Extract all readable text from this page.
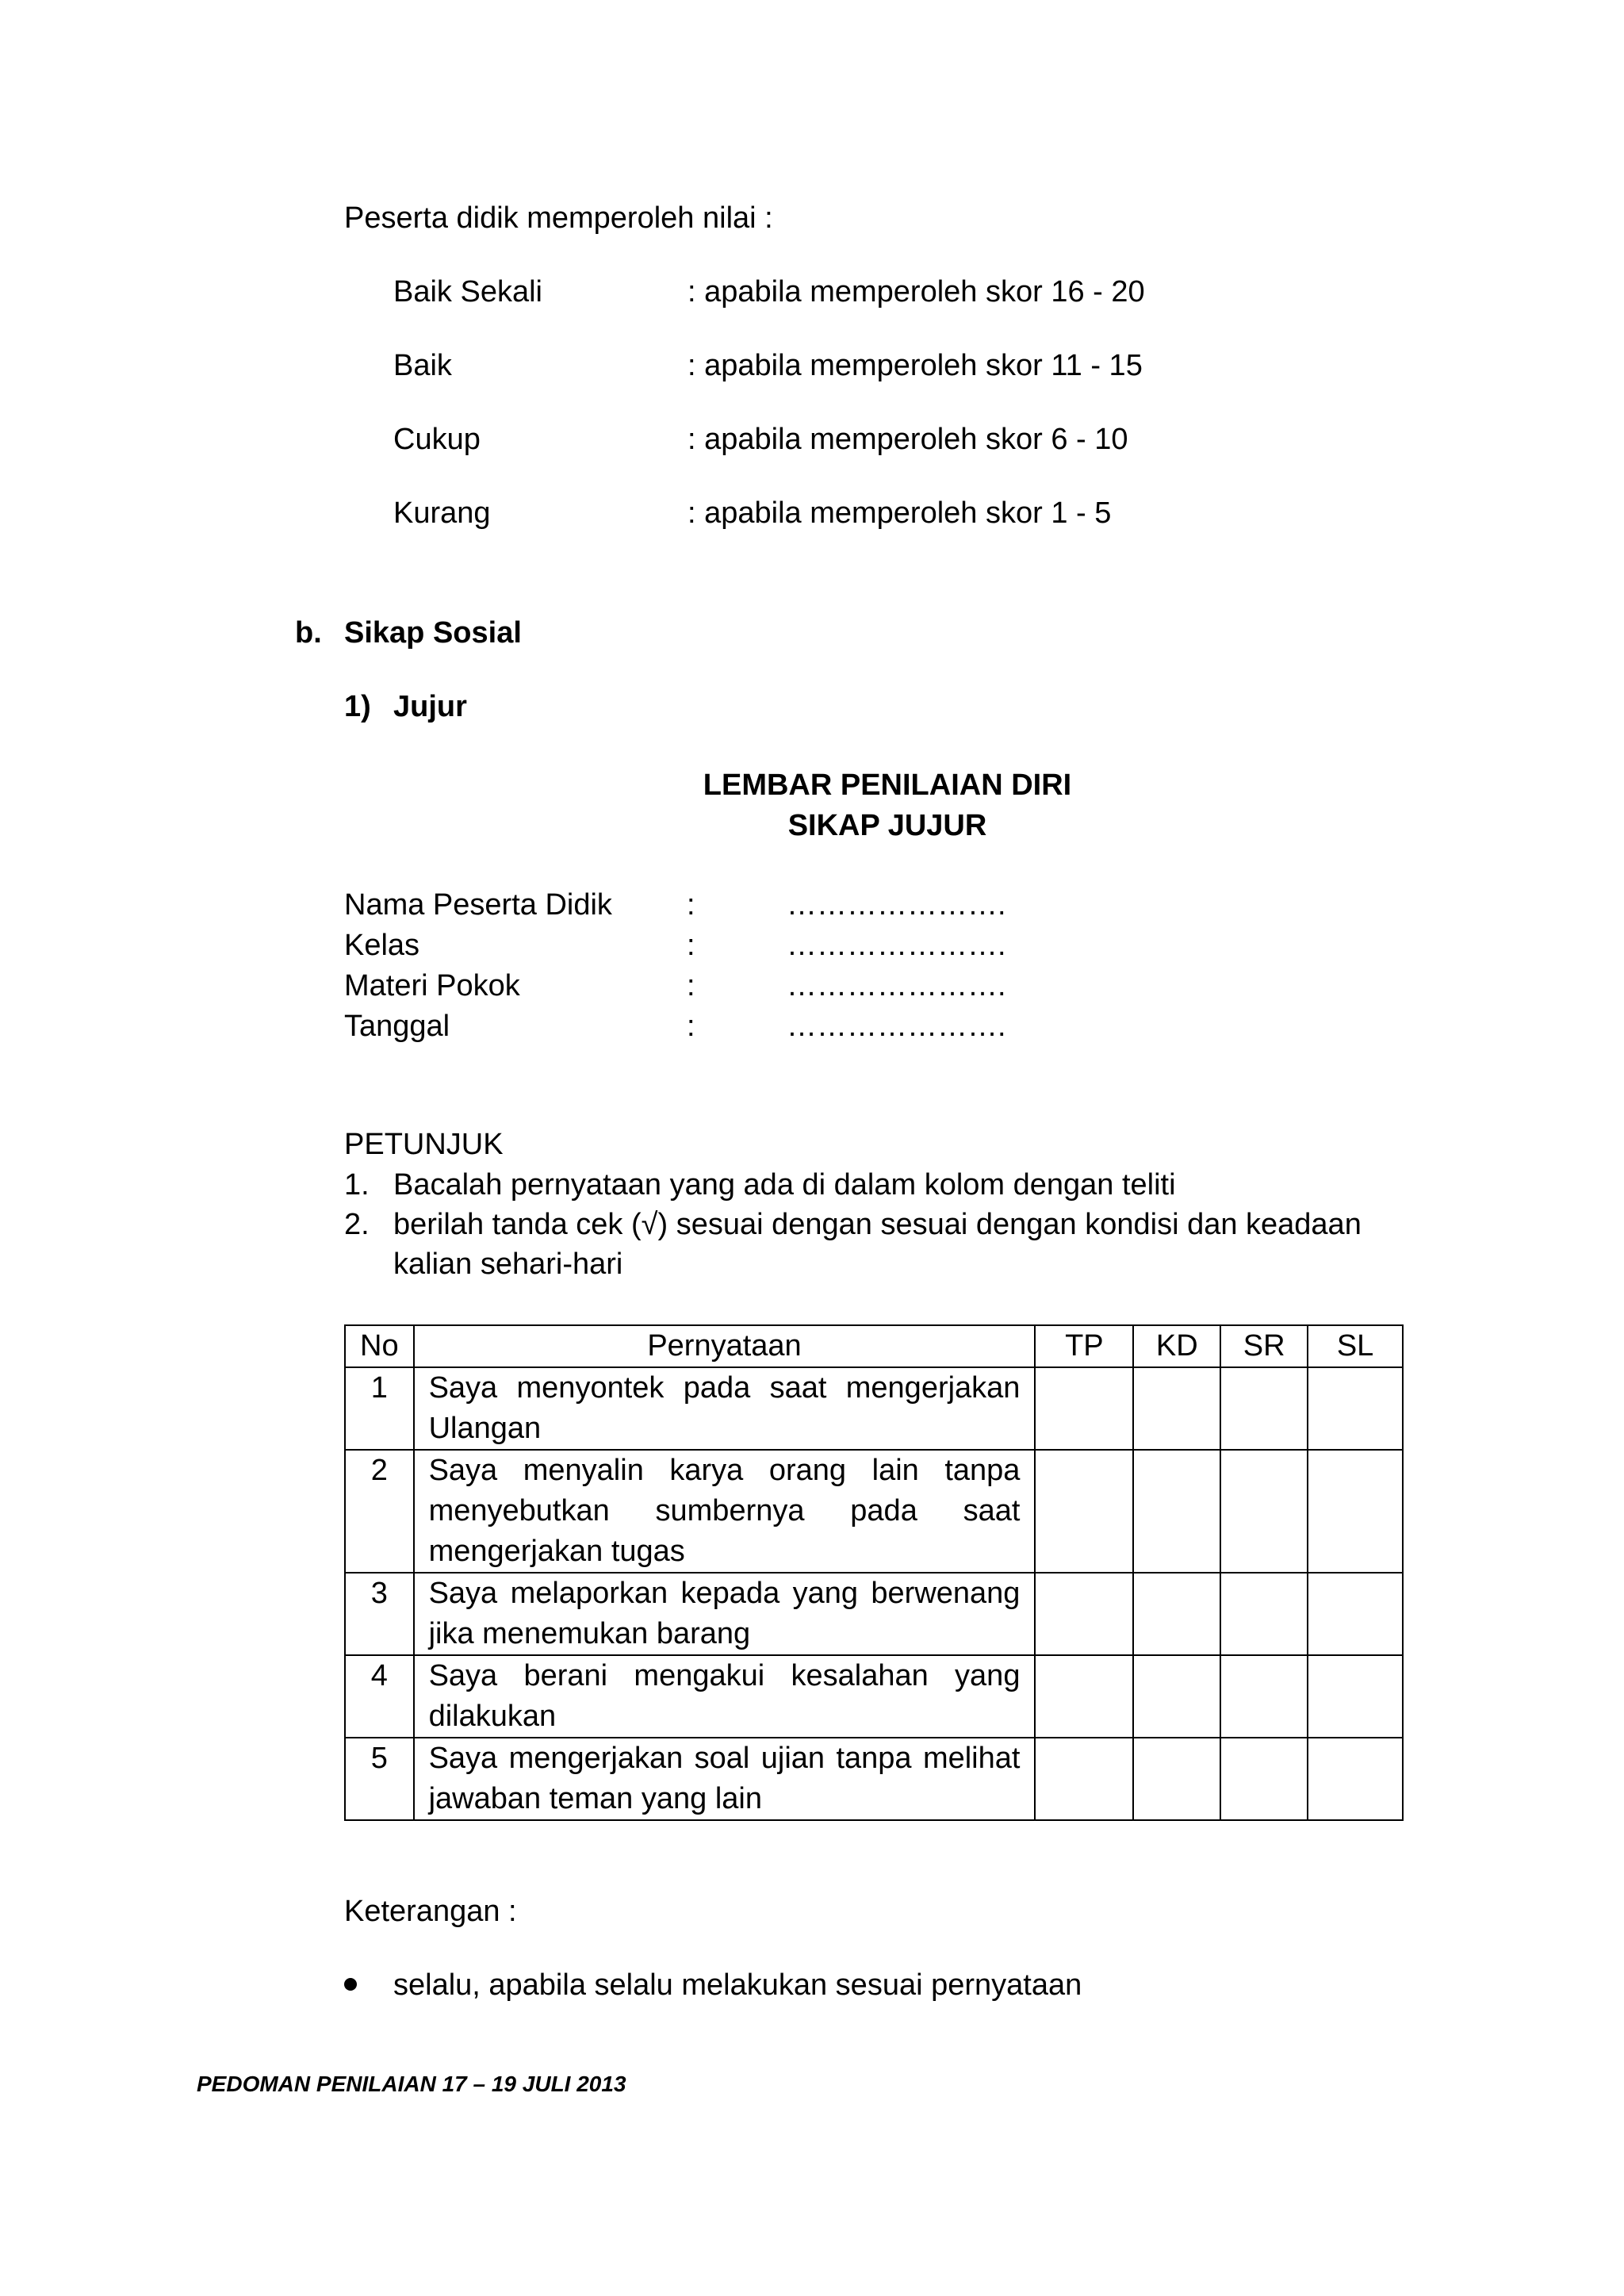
Peserta didik memperoleh nilai :
Baik Sekali	: apabila memperoleh skor 16 - 20
Baik	: apabila memperoleh skor 11 - 15
Cukup	: apabila memperoleh skor 6 - 10
Kurang	: apabila memperoleh skor 1 - 5
b. Sikap Sosial
1) Jujur
LEMBAR PENILAIAN DIRI
SIKAP JUJUR
Nama Peserta Didik :	………………….
Kelas	:	………………….
Materi Pokok	:	………………….
Tanggal	:	………………….
PETUNJUK
1. Bacalah pernyataan yang ada di dalam kolom dengan teliti
2. berilah tanda cek (√) sesuai dengan sesuai dengan kondisi dan keadaan kalian sehari-hari
No	Pernyataan	TP	KD	SR	SL
1	Saya menyontek pada saat mengerjakan Ulangan				
2	Saya menyalin karya orang lain tanpa menyebutkan sumbernya pada saat mengerjakan tugas				
3	Saya melaporkan kepada yang berwenang jika menemukan barang				
4	Saya berani mengakui kesalahan yang dilakukan				
5	Saya mengerjakan soal ujian tanpa melihat jawaban teman yang lain				
Keterangan :
selalu, apabila selalu melakukan sesuai pernyataan
PEDOMAN PENILAIAN 17 – 19 JULI 2013
